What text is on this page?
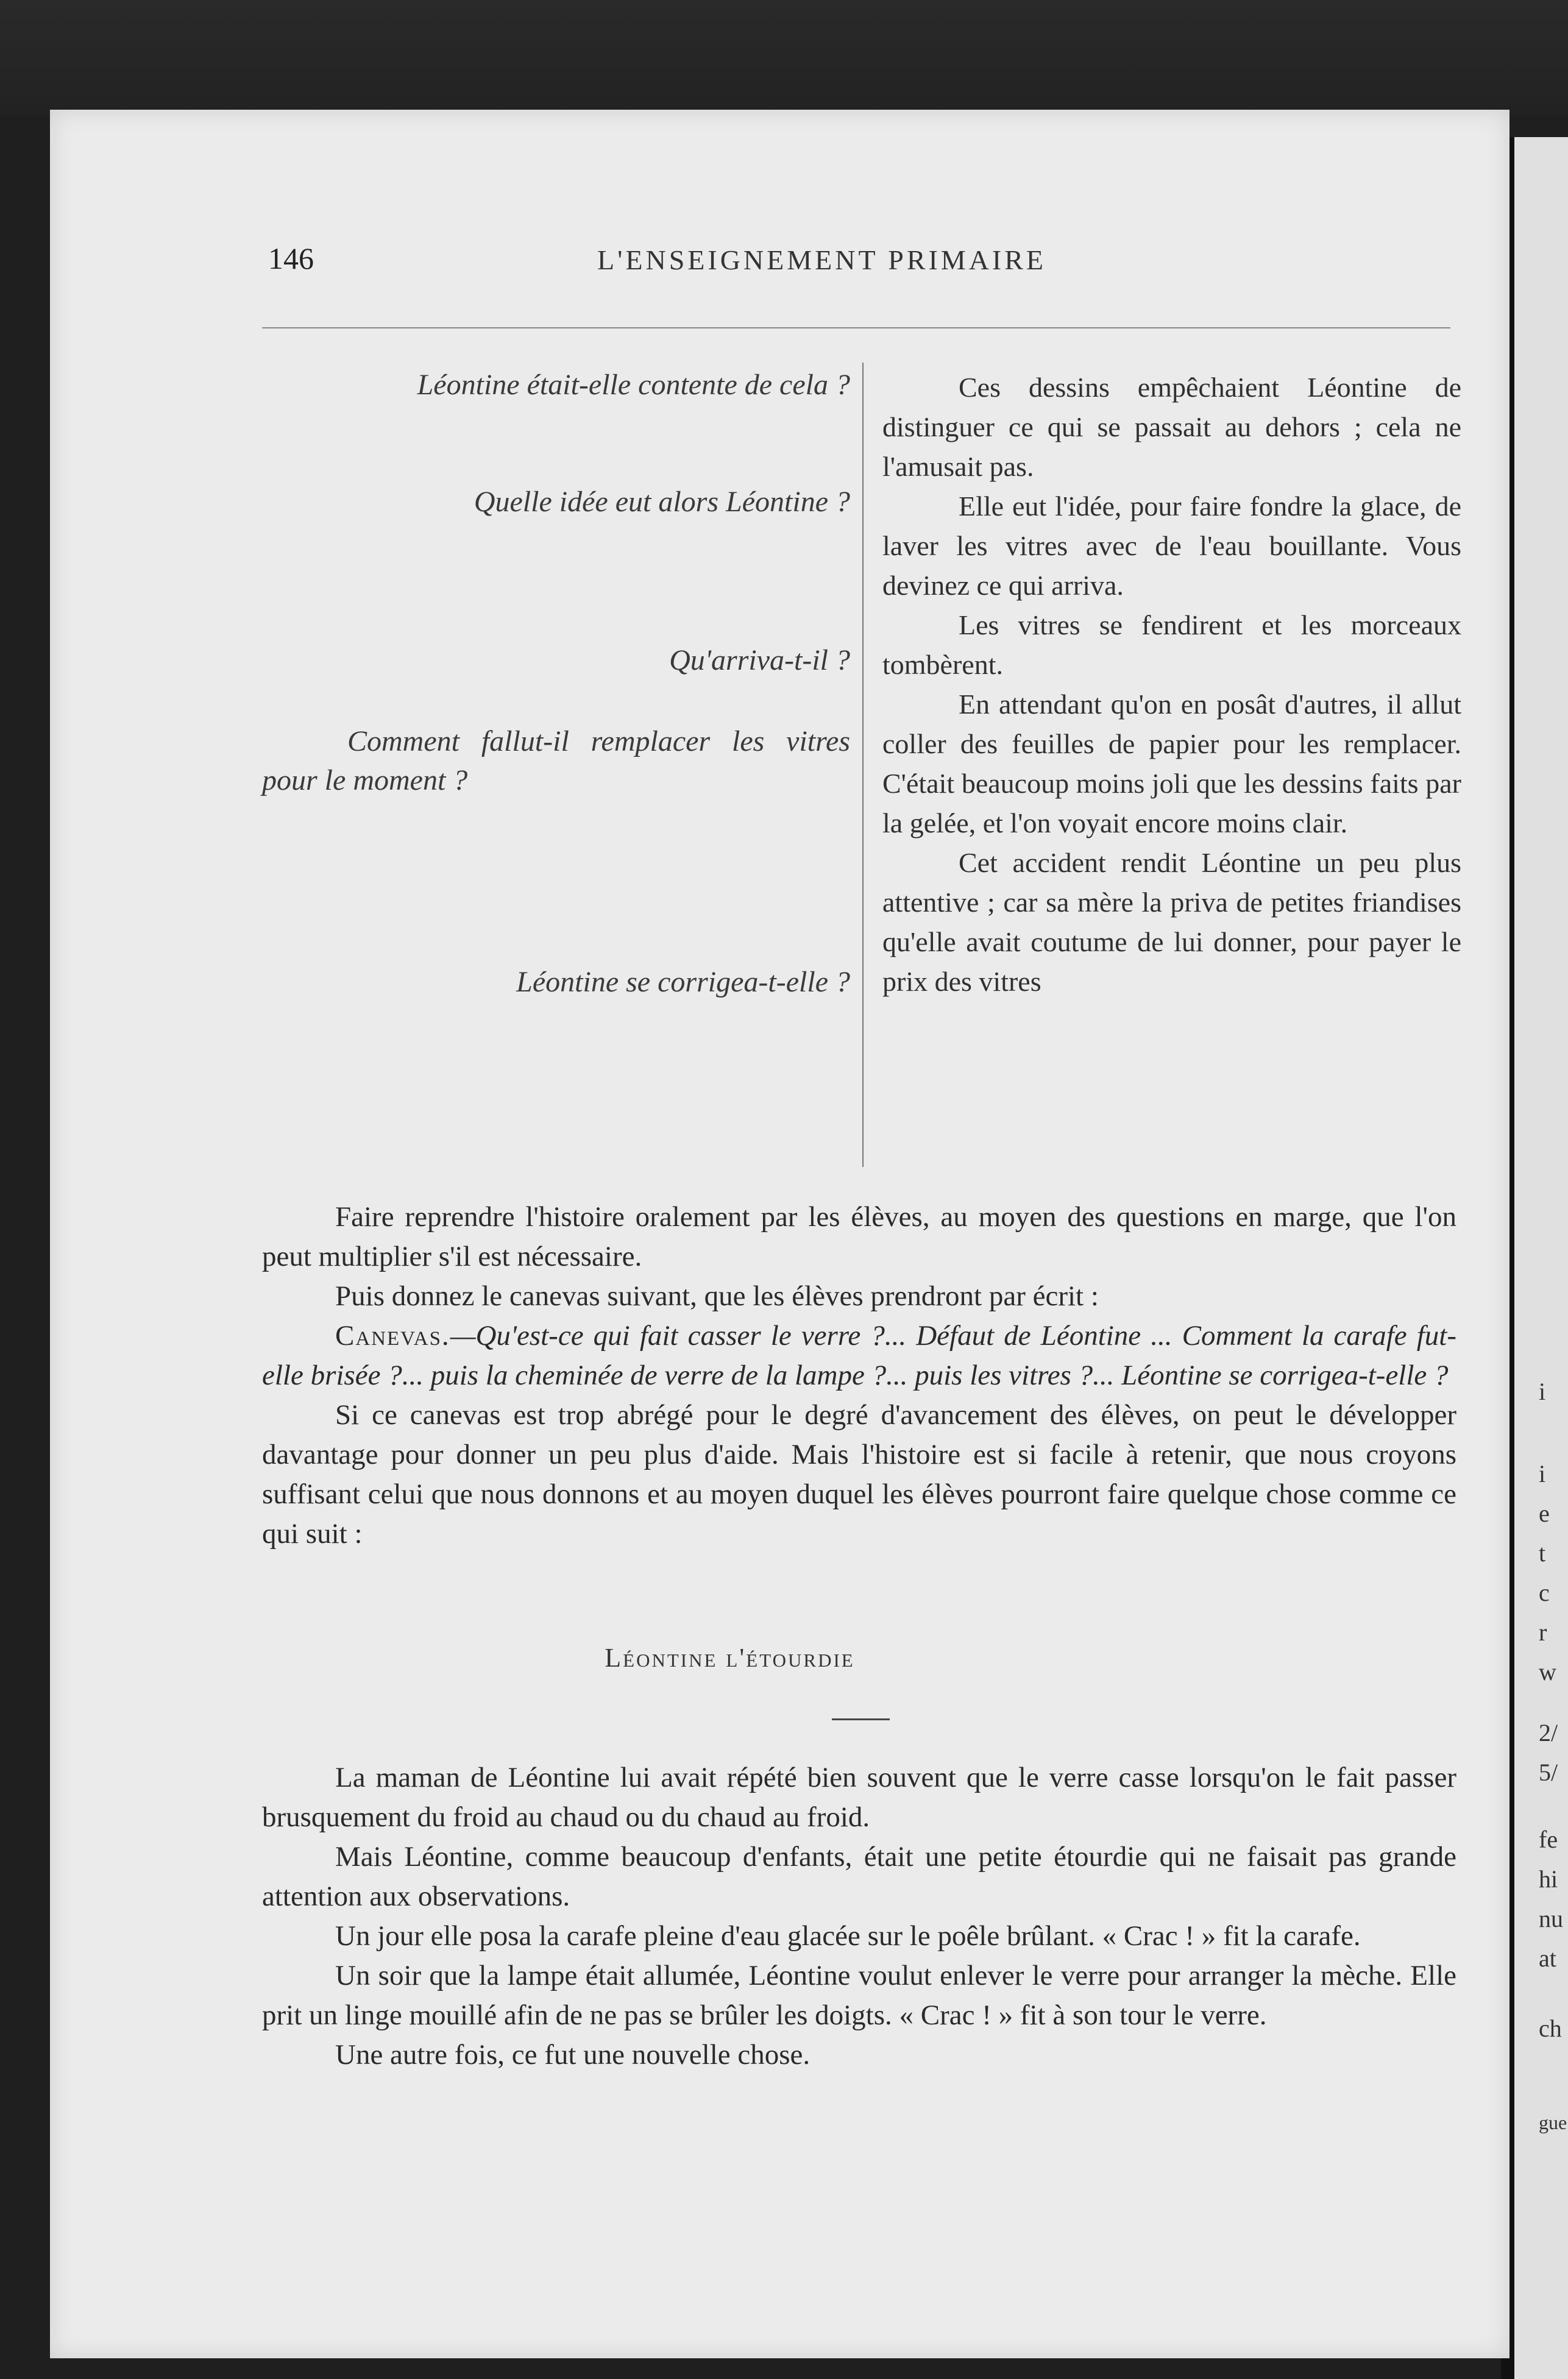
i
i
e
t
c
r
w
2/
5/
fe
hi
nu
at
ch
gue
146	L'ENSEIGNEMENT PRIMAIRE

Léontine était-elle contente de cela ?

Quelle idée eut alors Léontine ?

Qu'arriva-t-il ?

Comment fallut-il remplacer les vitres pour le moment ?

Léontine se corrigea-t-elle ?

Ces dessins empêchaient Léontine de distinguer ce qui se passait au dehors ; cela ne l'amusait pas.

Elle eut l'idée, pour faire fondre la glace, de laver les vitres avec de l'eau bouillante. Vous devinez ce qui arriva.

Les vitres se fendirent et les morceaux tombèrent.

En attendant qu'on en posât d'autres, il allut coller des feuilles de papier pour les remplacer. C'était beaucoup moins joli que les dessins faits par la gelée, et l'on voyait encore moins clair.

Cet accident rendit Léontine un peu plus attentive ; car sa mère la priva de petites friandises qu'elle avait coutume de lui donner, pour payer le prix des vitres

Faire reprendre l'histoire oralement par les élèves, au moyen des questions en marge, que l'on peut multiplier s'il est nécessaire.

Puis donnez le canevas suivant, que les élèves prendront par écrit :

Canevas.—Qu'est-ce qui fait casser le verre ?... Défaut de Léontine ... Comment la carafe fut-elle brisée ?... puis la cheminée de verre de la lampe ?... puis les vitres ?... Léontine se corrigea-t-elle ?

Si ce canevas est trop abrégé pour le degré d'avancement des élèves, on peut le développer davantage pour donner un peu plus d'aide. Mais l'histoire est si facile à retenir, que nous croyons suffisant celui que nous donnons et au moyen duquel les élèves pourront faire quelque chose comme ce qui suit :

Léontine l'étourdie

La maman de Léontine lui avait répété bien souvent que le verre casse lorsqu'on le fait passer brusquement du froid au chaud ou du chaud au froid.

Mais Léontine, comme beaucoup d'enfants, était une petite étourdie qui ne faisait pas grande attention aux observations.

Un jour elle posa la carafe pleine d'eau glacée sur le poêle brûlant. « Crac ! » fit la carafe.

Un soir que la lampe était allumée, Léontine voulut enlever le verre pour arranger la mèche. Elle prit un linge mouillé afin de ne pas se brûler les doigts. « Crac ! » fit à son tour le verre.

Une autre fois, ce fut une nouvelle chose.
